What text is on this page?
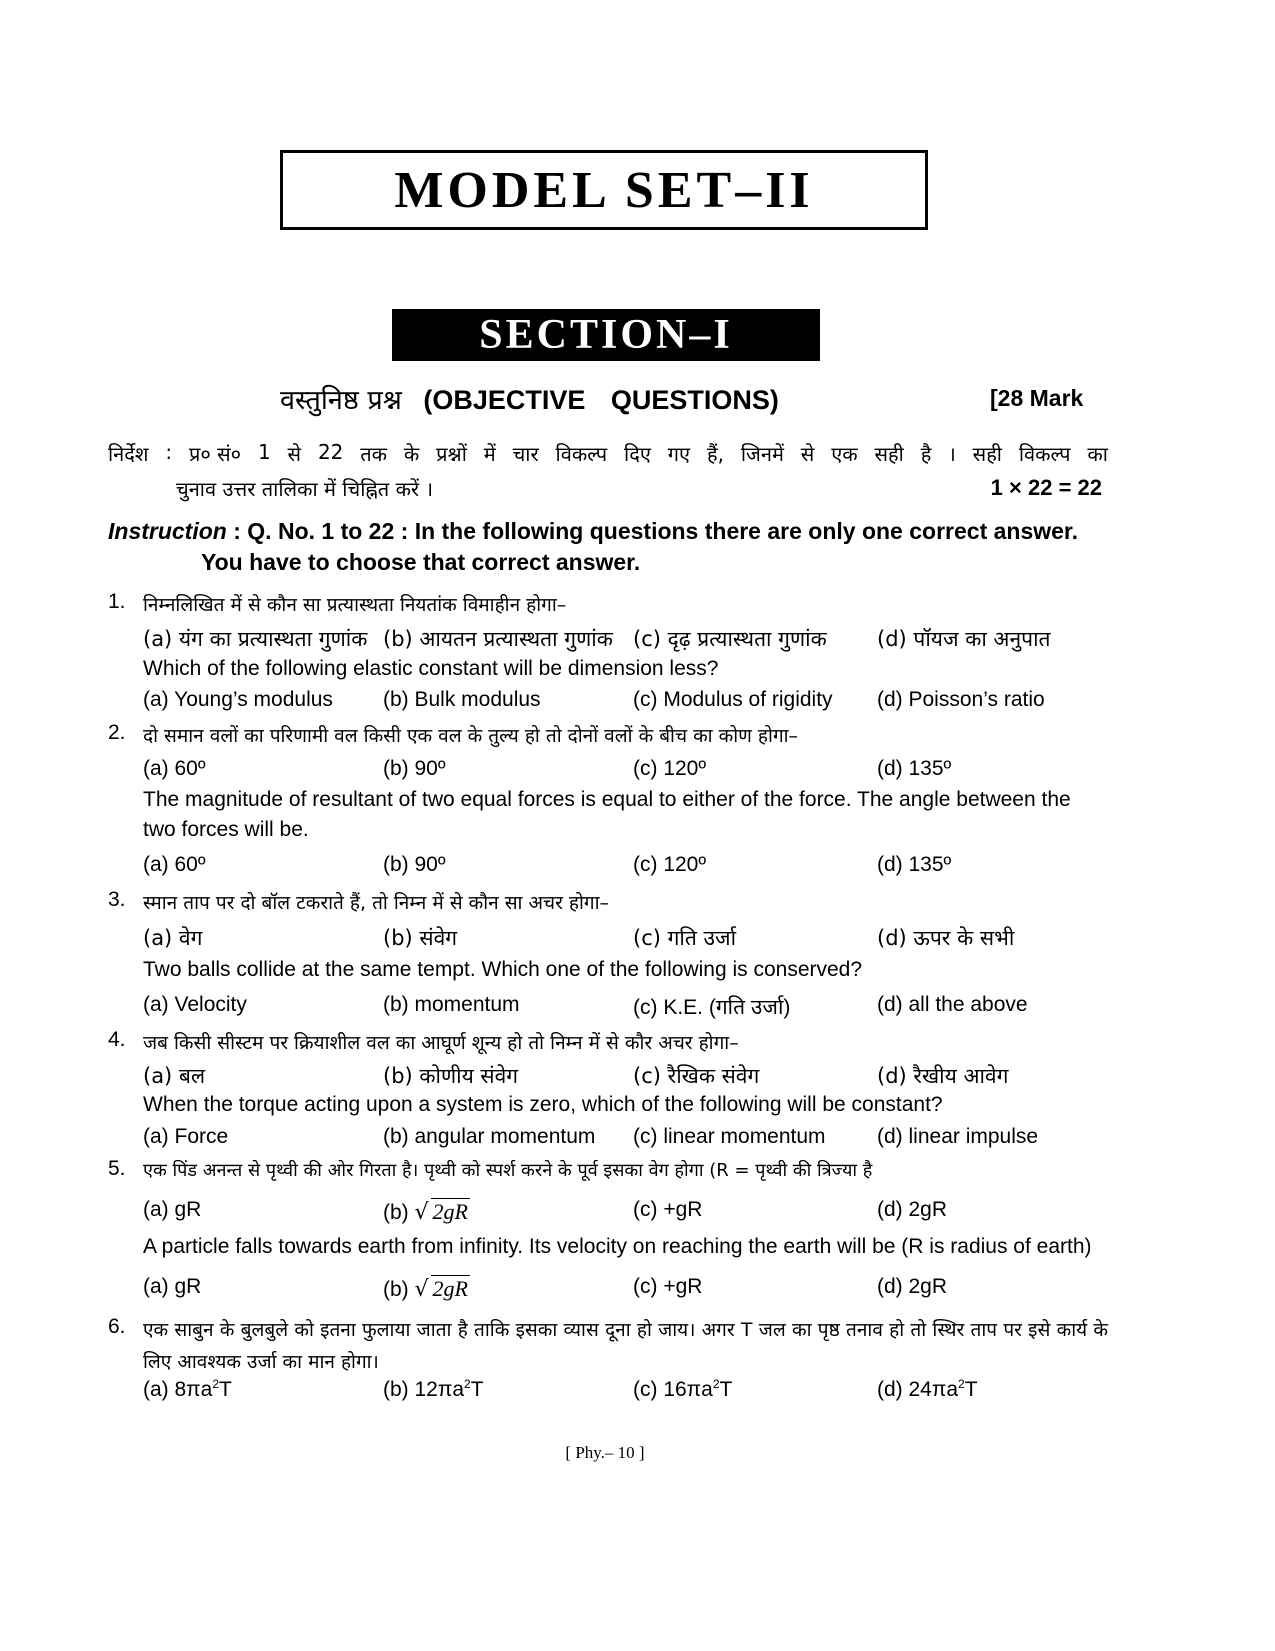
MODEL SET–II
SECTION–I
वस्तुनिष्ठ प्रश्न (OBJECTIVE QUESTIONS)	[28 Mark
निर्देश : प्र० सं० 1 से 22 तक के प्रश्नों में चार विकल्प दिए गए हैं, जिनमें से एक सही है । सही विकल्प का
चुनाव उत्तर तालिका में चिह्नित करें ।	1 × 22 = 22
Instruction : Q. No. 1 to 22 : In the following questions there are only one correct answer.
You have to choose that correct answer.
1. निम्नलिखित में से कौन सा प्रत्यास्थता नियतांक विमाहीन होगा–
(a) यंग का प्रत्यास्थता गुणांक (b) आयतन प्रत्यास्थता गुणांक (c) दृढ़ प्रत्यास्थता गुणांक (d) पॉयज का अनुपात
Which of the following elastic constant will be dimension less?
(a) Young’s modulus (b) Bulk modulus	(c) Modulus of rigidity (d) Poisson’s ratio
2. दो समान वलों का परिणामी वल किसी एक वल के तुल्य हो तो दोनों वलों के बीच का कोण होगा–
(a) 60º	(b) 90º	(c) 120º	(d) 135º
The magnitude of resultant of two equal forces is equal to either of the force. The angle between the two forces will be.
(a) 60º	(b) 90º	(c) 120º	(d) 135º
3. स्मान ताप पर दो बॉल टकराते हैं, तो निम्न में से कौन सा अचर होगा–
(a) वेग	(b) संवेग	(c) गति उर्जा	(d) ऊपर के सभी
Two balls collide at the same tempt. Which one of the following is conserved?
(a) Velocity	(b) momentum	(c) K.E. (गति उर्जा)	(d) all the above
4. जब किसी सीस्टम पर क्रियाशील वल का आघूर्ण शून्य हो तो निम्न में से कौर अचर होगा–
(a) बल	(b) कोणीय संवेग	(c) रैखिक संवेग	(d) रैखीय आवेग
When the torque acting upon a system is zero, which of the following will be constant?
(a) Force	(b) angular momentum (c) linear momentum (d) linear impulse
5. एक पिंड अनन्त से पृथ्वी की ओर गिरता है। पृथ्वी को स्पर्श करने के पूर्व इसका वेग होगा (R = पृथ्वी की त्रिज्या है
(a) gR	(b) √ 2gR	(c) +gR	(d) 2gR
A particle falls towards earth from infinity. Its velocity on reaching the earth will be (R is radius of earth)
(a) gR	(b) √ 2gR	(c) +gR	(d) 2gR
6. एक साबुन के बुलबुले को इतना फुलाया जाता है ताकि इसका व्यास दूना हो जाय। अगर T जल का पृष्ठ तनाव हो तो स्थिर ताप पर इसे कार्य के लिए आवश्यक उर्जा का मान होगा।
(a) $8\pi a^2T$	(b) $12\pi a^2T$	(c) $16\pi a^2T$	(d) $24\pi a^2T$
[ Phy.– 10 ]
